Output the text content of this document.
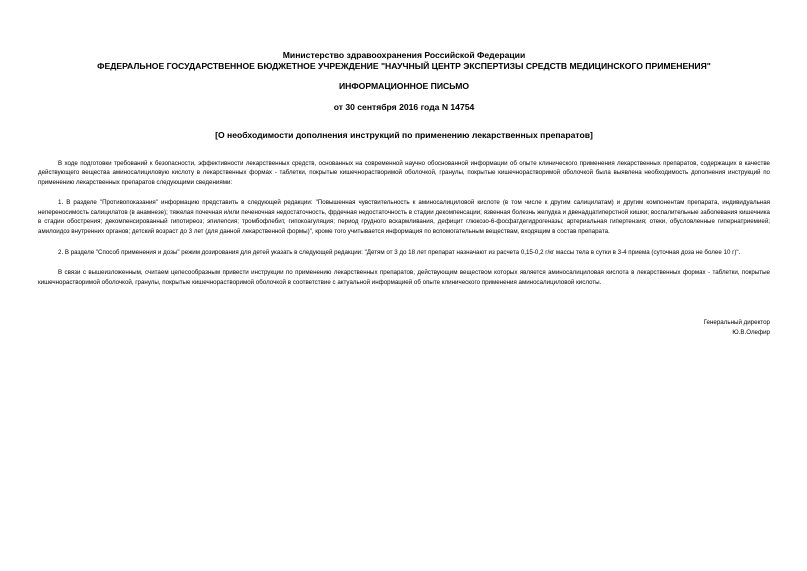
Министерство здравоохранения Российской Федерации
ФЕДЕРАЛЬНОЕ ГОСУДАРСТВЕННОЕ БЮДЖЕТНОЕ УЧРЕЖДЕНИЕ "НАУЧНЫЙ ЦЕНТР ЭКСПЕРТИЗЫ СРЕДСТВ МЕДИЦИНСКОГО ПРИМЕНЕНИЯ"
ИНФОРМАЦИОННОЕ ПИСЬМО
от 30 сентября 2016 года N 14754
[О необходимости дополнения инструкций по применению лекарственных препаратов]

В ходе подготовки требований к безопасности, эффективности лекарственных средств, основанных на современной научно обоснованной информации об опыте клинического применения лекарственных препаратов, содержащих в качестве действующего вещества аминосалициловую кислоту в лекарственных формах - таблетки, покрытые кишечнорастворимой оболочкой, гранулы, покрытые кишечнорастворимой оболочкой была выявлена необходимость дополнения инструкций по применению лекарственных препаратов следующими сведениями:

1. В разделе "Противопоказания" информацию представить в следующей редакции: "Повышенная чувствительность к аминосалициловой кислоте (в том числе к другим салицилатам) и другим компонентам препарата, индивидуальная непереносимость салицилатов (в анамнезе); тяжелая почечная и/или печеночная недостаточность, фрдечная недостаточность в стадии декомпенсации; язвенная болезнь желудка и двенадцатиперстной кишки; воспалительные заболевания кишечника в стадии обострения; декомпенсированный гипотиреоз; эпилепсия; тромбофлебит, гипокоагуляция; период грудного вскармливания, дефицит глюкозо-6-фосфатдегидрогеназы; артериальная гипертензия; отеки, обусловленные гипернатриемией; амилоидоз внутренних органов; детский возраст до 3 лет (для данной лекарственной формы)", кроме того учитывается информация по вспомогательным веществам, входящим в состав препарата.

2. В разделе "Способ применения и дозы" режим дозирования для детей указать в следующей редакции: "Детям от 3 до 18 лет препарат назначают из расчета 0,15-0,2 г/кг массы тела в сутки в 3-4 приема (суточная доза не более 10 г)".

В связи с вышеизложенным, считаем целесообразным привести инструкции по применению лекарственных препаратов, действующим веществом которых является аминосалициловая кислота в лекарственных формах - таблетки, покрытые кишечнорастворимой оболочкой, гранулы, покрытые кишечнорастворимой оболочкой в соответствие с актуальной информацией об опыте клинического применения аминосалициловой кислоты.

Генеральный директор
Ю.В.Олефир
